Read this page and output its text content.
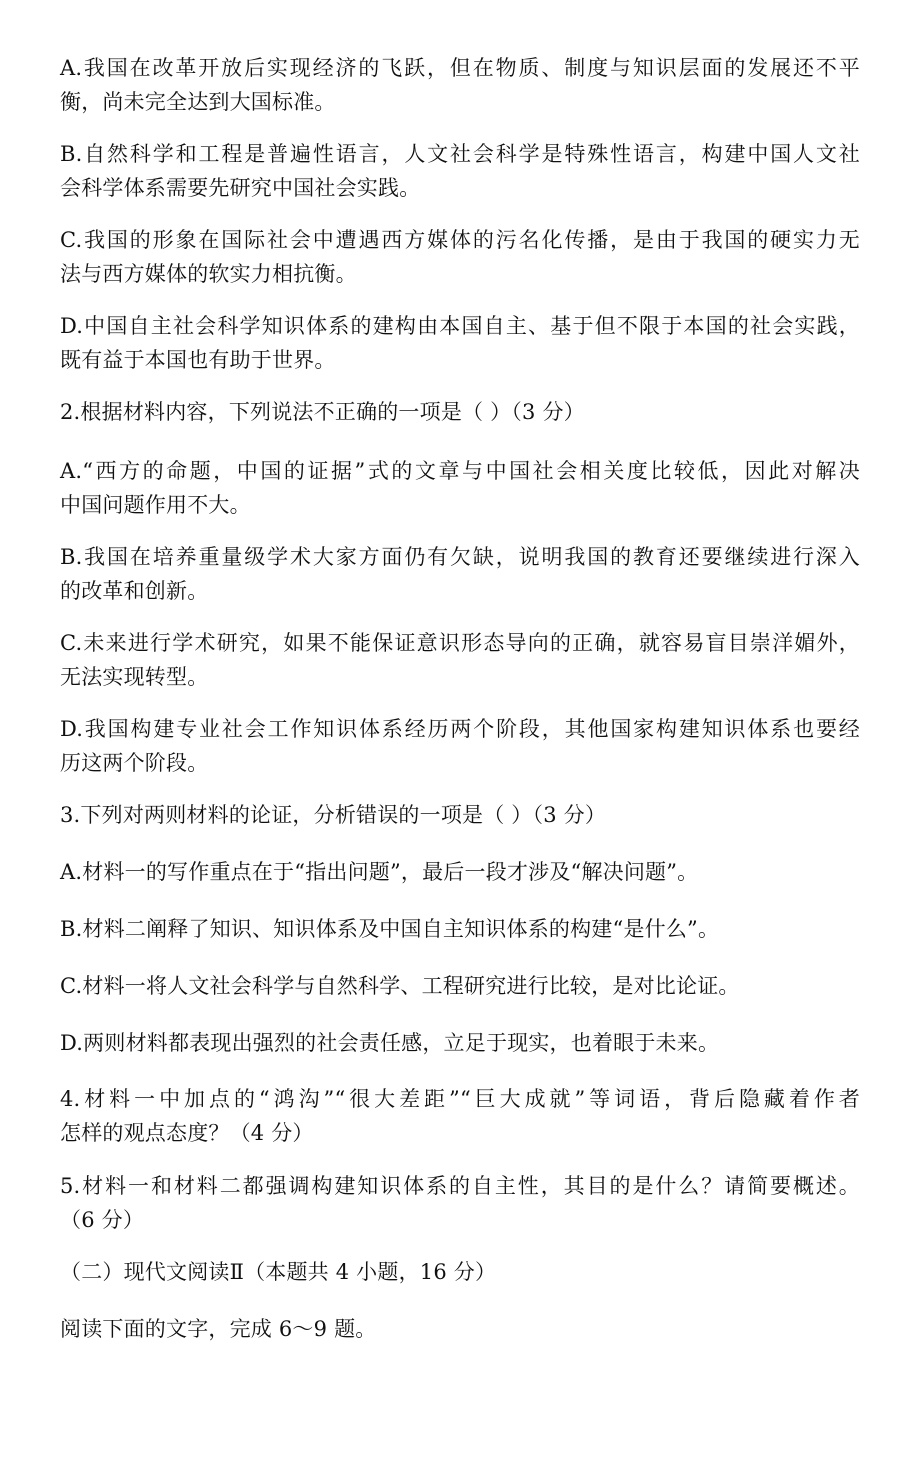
A.我国在改革开放后实现经济的飞跃，但在物质、制度与知识层面的发展还不平
衡，尚未完全达到大国标准。
B.自然科学和工程是普遍性语言，人文社会科学是特殊性语言，构建中国人文社
会科学体系需要先研究中国社会实践。
C.我国的形象在国际社会中遭遇西方媒体的污名化传播，是由于我国的硬实力无
法与西方媒体的软实力相抗衡。
D.中国自主社会科学知识体系的建构由本国自主、基于但不限于本国的社会实践，
既有益于本国也有助于世界。
2.根据材料内容，下列说法不正确的一项是（ ）（3 分）
A.“西方的命题，中国的证据”式的文章与中国社会相关度比较低，因此对解决
中国问题作用不大。
B.我国在培养重量级学术大家方面仍有欠缺，说明我国的教育还要继续进行深入
的改革和创新。
C.未来进行学术研究，如果不能保证意识形态导向的正确，就容易盲目崇洋媚外，
无法实现转型。
D.我国构建专业社会工作知识体系经历两个阶段，其他国家构建知识体系也要经
历这两个阶段。
3.下列对两则材料的论证，分析错误的一项是（ ）（3 分）
A.材料一的写作重点在于“指出问题”，最后一段才涉及“解决问题”。
B.材料二阐释了知识、知识体系及中国自主知识体系的构建“是什么”。
C.材料一将人文社会科学与自然科学、工程研究进行比较，是对比论证。
D.两则材料都表现出强烈的社会责任感，立足于现实，也着眼于未来。
4.材料一中加点的“鸿沟”“很大差距”“巨大成就”等词语，背后隐藏着作者
怎样的观点态度？（4 分）
5.材料一和材料二都强调构建知识体系的自主性，其目的是什么？请简要概述。
（6 分）
（二）现代文阅读Ⅱ（本题共 4 小题，16 分）
阅读下面的文字，完成 6～9 题。
